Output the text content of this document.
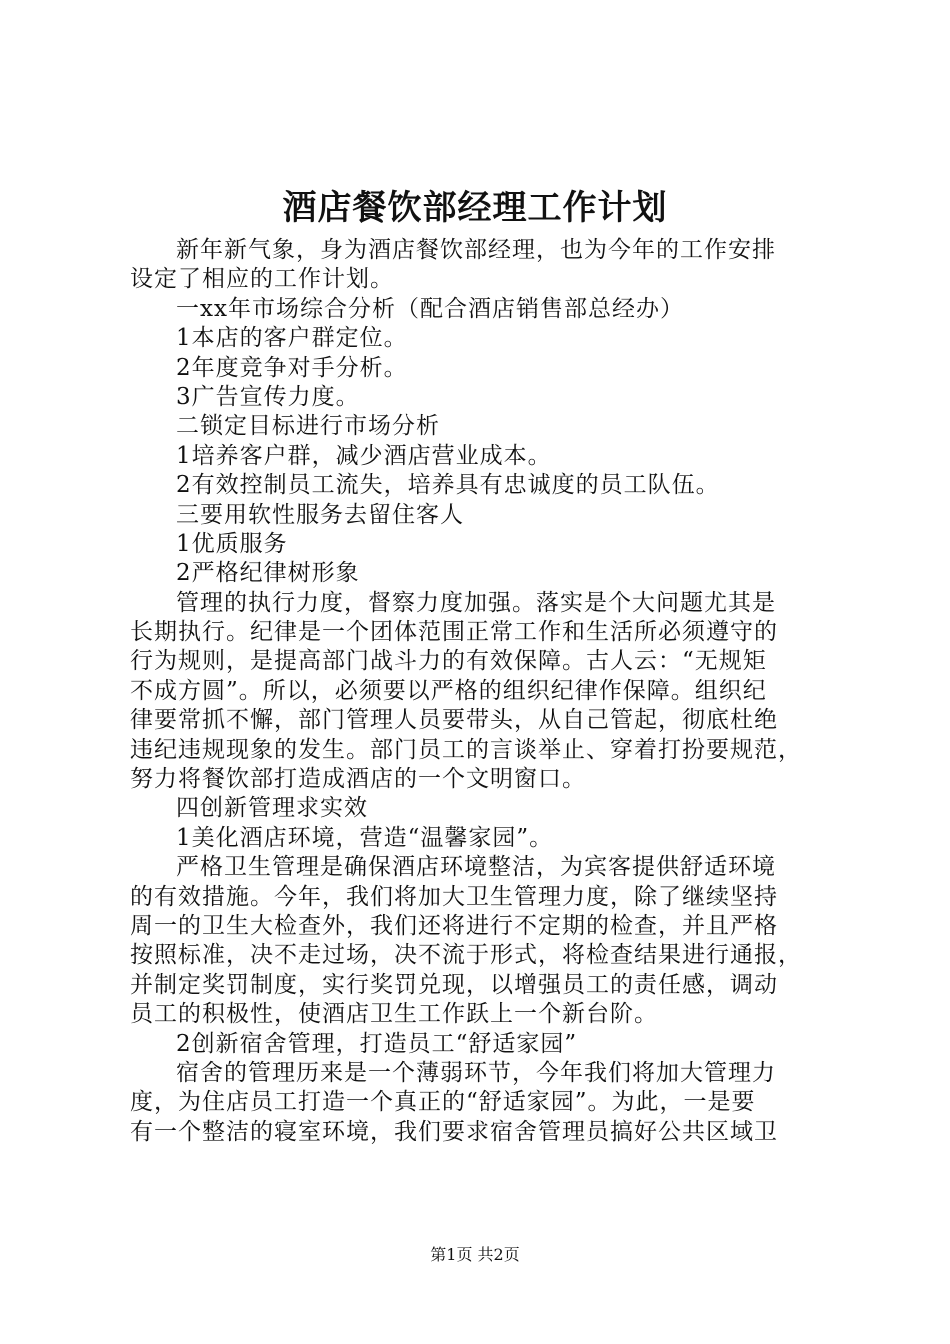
酒店餐饮部经理工作计划
新年新气象，身为酒店餐饮部经理，也为今年的工作安排
设定了相应的工作计划。
一xx年市场综合分析（配合酒店销售部总经办）
1本店的客户群定位。
2年度竞争对手分析。
3广告宣传力度。
二锁定目标进行市场分析
1培养客户群，减少酒店营业成本。
2有效控制员工流失，培养具有忠诚度的员工队伍。
三要用软性服务去留住客人
1优质服务
2严格纪律树形象
管理的执行力度，督察力度加强。落实是个大问题尤其是
长期执行。纪律是一个团体范围正常工作和生活所必须遵守的
行为规则，是提高部门战斗力的有效保障。古人云：“无规矩
不成方圆”。所以，必须要以严格的组织纪律作保障。组织纪
律要常抓不懈，部门管理人员要带头，从自己管起，彻底杜绝
违纪违规现象的发生。部门员工的言谈举止、穿着打扮要规范，
努力将餐饮部打造成酒店的一个文明窗口。
四创新管理求实效
1美化酒店环境，营造“温馨家园”。
严格卫生管理是确保酒店环境整洁，为宾客提供舒适环境
的有效措施。今年，我们将加大卫生管理力度，除了继续坚持
周一的卫生大检查外，我们还将进行不定期的检查，并且严格
按照标准，决不走过场，决不流于形式，将检查结果进行通报，
并制定奖罚制度，实行奖罚兑现，以增强员工的责任感，调动
员工的积极性，使酒店卫生工作跃上一个新台阶。
2创新宿舍管理，打造员工“舒适家园”
宿舍的管理历来是一个薄弱环节，今年我们将加大管理力
度，为住店员工打造一个真正的“舒适家园”。为此，一是要
有一个整洁的寝室环境，我们要求宿舍管理员搞好公共区域卫
第1页 共2页
